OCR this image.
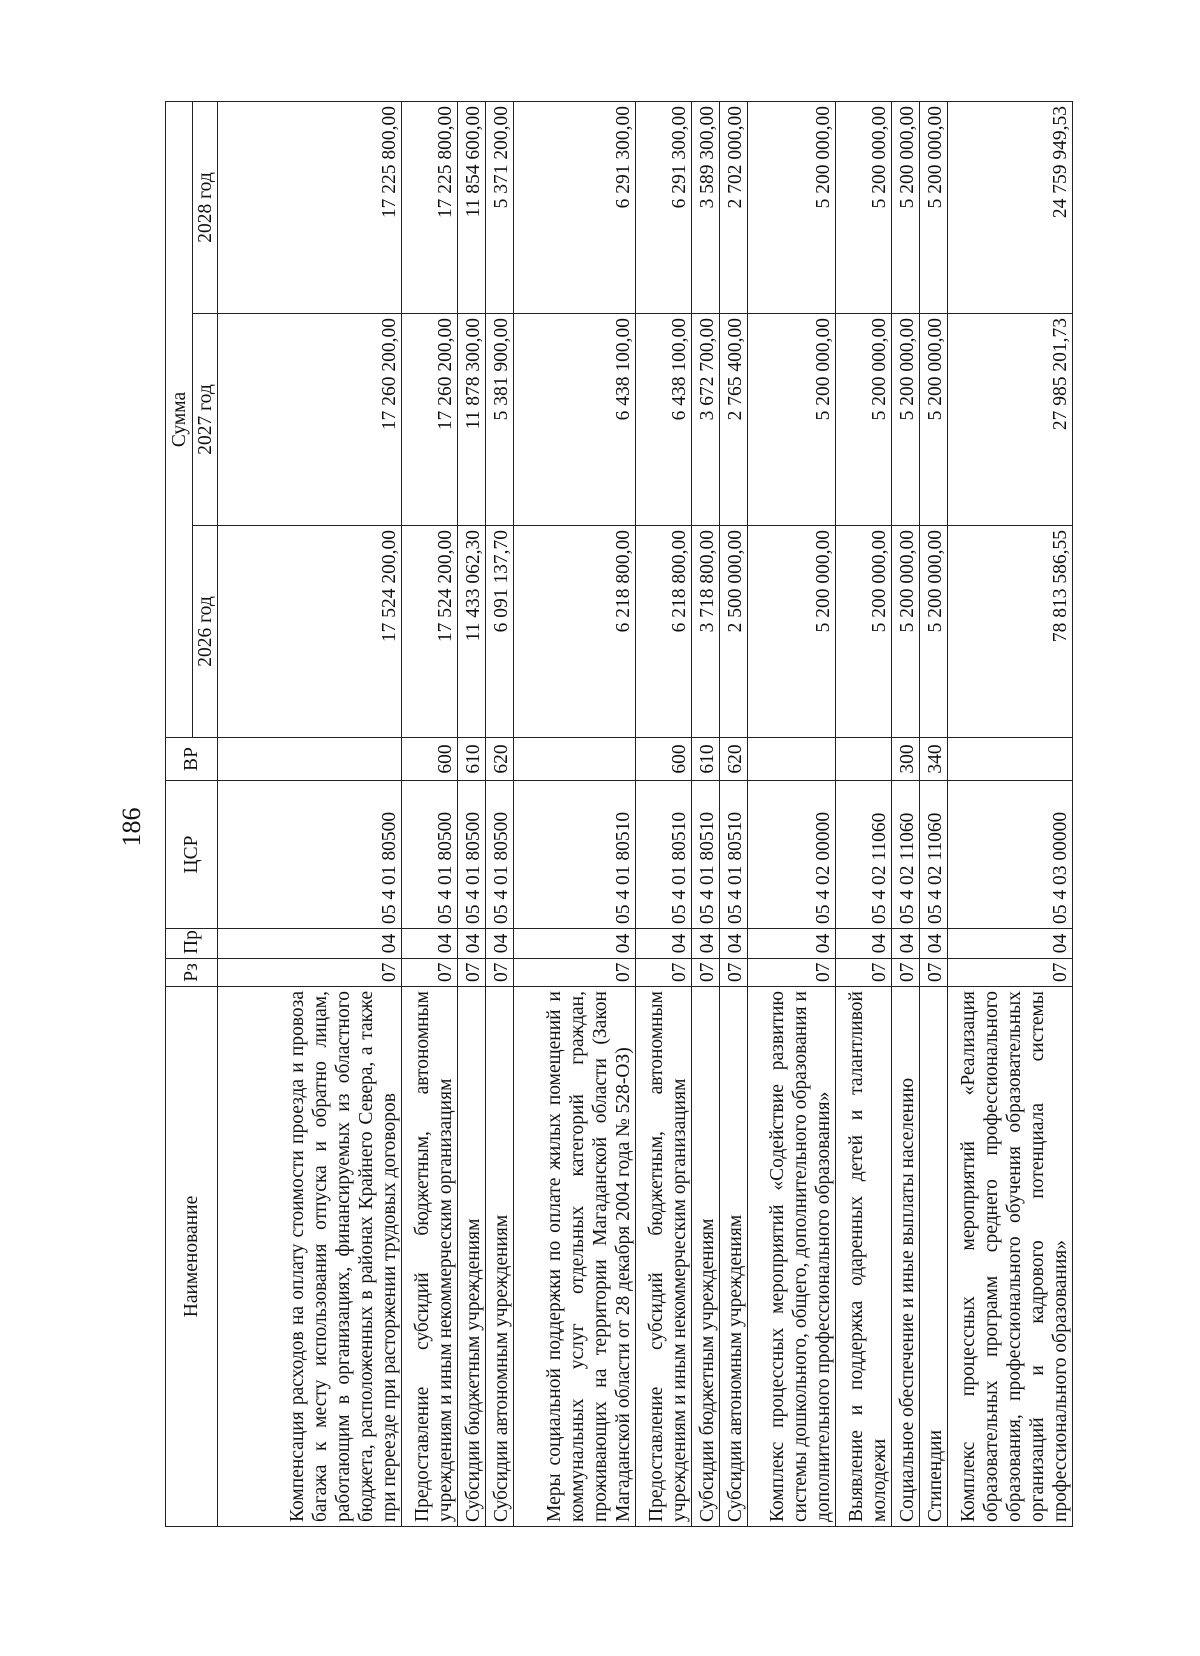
186
Наименование	Рз	Пр	ЦСР	ВР	Сумма		
					2026 год	2027 год	2028 год
Компенсация расходов на оплату стоимости проезда и провоза багажа к месту использования отпуска и обратно лицам, работающим в организациях, финансируемых из областного бюджета, расположенных в районах Крайнего Севера, а также при переезде при расторжении трудовых договоров	07	04	05 4 01 80500		17 524 200,00	17 260 200,00	17 225 800,00
Предоставление субсидий бюджетным, автономным учреждениям и иным некоммерческим организациям	07	04	05 4 01 80500	600	17 524 200,00	17 260 200,00	17 225 800,00
Субсидии бюджетным учреждениям	07	04	05 4 01 80500	610	11 433 062,30	11 878 300,00	11 854 600,00
Субсидии автономным учреждениям	07	04	05 4 01 80500	620	6 091 137,70	5 381 900,00	5 371 200,00
Меры социальной поддержки по оплате жилых помещений и коммунальных услуг отдельных категорий граждан, проживающих на территории Магаданской области (Закон Магаданской области от 28 декабря 2004 года № 528-ОЗ)	07	04	05 4 01 80510		6 218 800,00	6 438 100,00	6 291 300,00
Предоставление субсидий бюджетным, автономным учреждениям и иным некоммерческим организациям	07	04	05 4 01 80510	600	6 218 800,00	6 438 100,00	6 291 300,00
Субсидии бюджетным учреждениям	07	04	05 4 01 80510	610	3 718 800,00	3 672 700,00	3 589 300,00
Субсидии автономным учреждениям	07	04	05 4 01 80510	620	2 500 000,00	2 765 400,00	2 702 000,00
Комплекс процессных мероприятий «Содействие развитию системы дошкольного, общего, дополнительного образования и дополнительного профессионального образования»	07	04	05 4 02 00000		5 200 000,00	5 200 000,00	5 200 000,00
Выявление и поддержка одаренных детей и талантливой молодежи	07	04	05 4 02 11060		5 200 000,00	5 200 000,00	5 200 000,00
Социальное обеспечение и иные выплаты населению	07	04	05 4 02 11060	300	5 200 000,00	5 200 000,00	5 200 000,00
Стипендии	07	04	05 4 02 11060	340	5 200 000,00	5 200 000,00	5 200 000,00
Комплекс процессных мероприятий «Реализация образовательных программ среднего профессионального образования, профессионального обучения образовательных организаций и кадрового потенциала системы профессионального образования»	07	04	05 4 03 00000		78 813 586,55	27 985 201,73	24 759 949,53
